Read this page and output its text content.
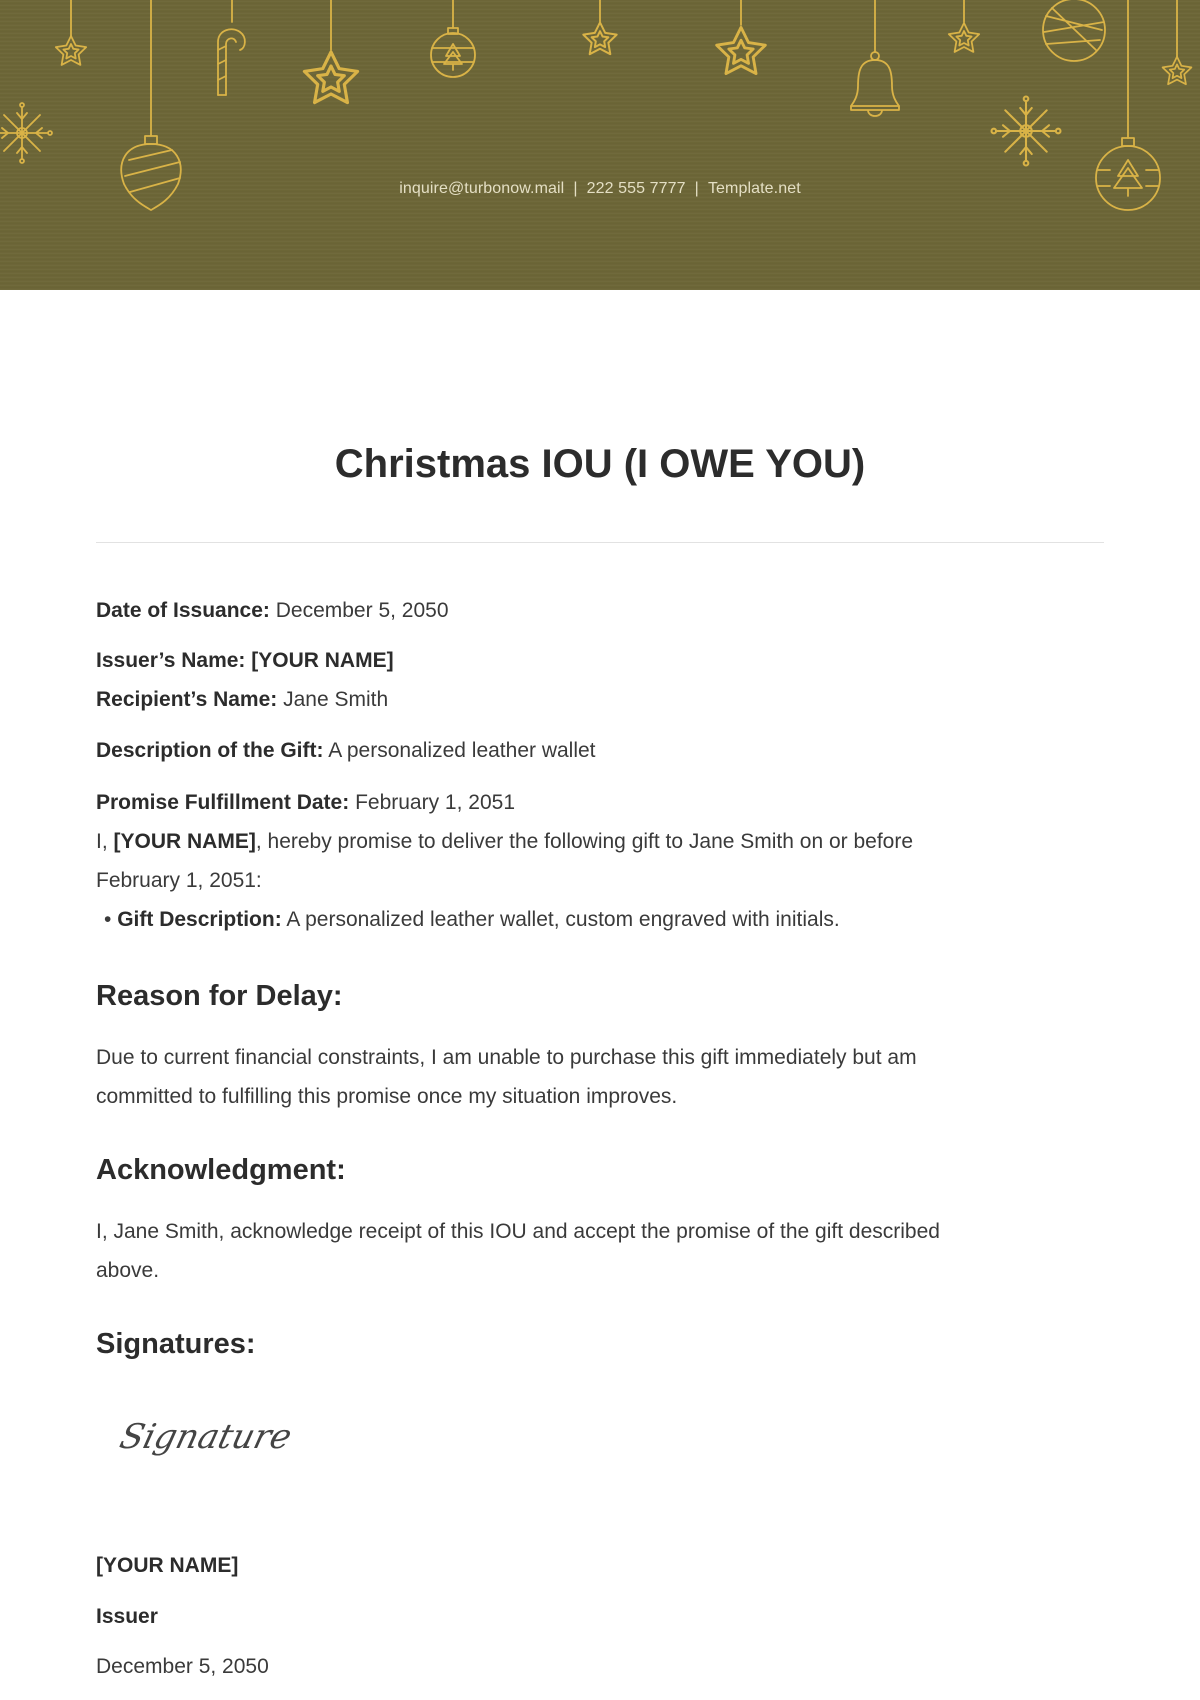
inquire@turbonow.mail | 222 555 7777 | Template.net
Christmas IOU (I OWE YOU)
Date of Issuance: December 5, 2050
Issuer’s Name: [YOUR NAME]
Recipient’s Name: Jane Smith
Description of the Gift: A personalized leather wallet
Promise Fulfillment Date: February 1, 2051
I, [YOUR NAME], hereby promise to deliver the following gift to Jane Smith on or before
February 1, 2051:
• Gift Description: A personalized leather wallet, custom engraved with initials.
Reason for Delay:
Due to current financial constraints, I am unable to purchase this gift immediately but am
committed to fulfilling this promise once my situation improves.
Acknowledgment:
I, Jane Smith, acknowledge receipt of this IOU and accept the promise of the gift described
above.
Signatures:
Signature
[YOUR NAME]
Issuer
December 5, 2050
